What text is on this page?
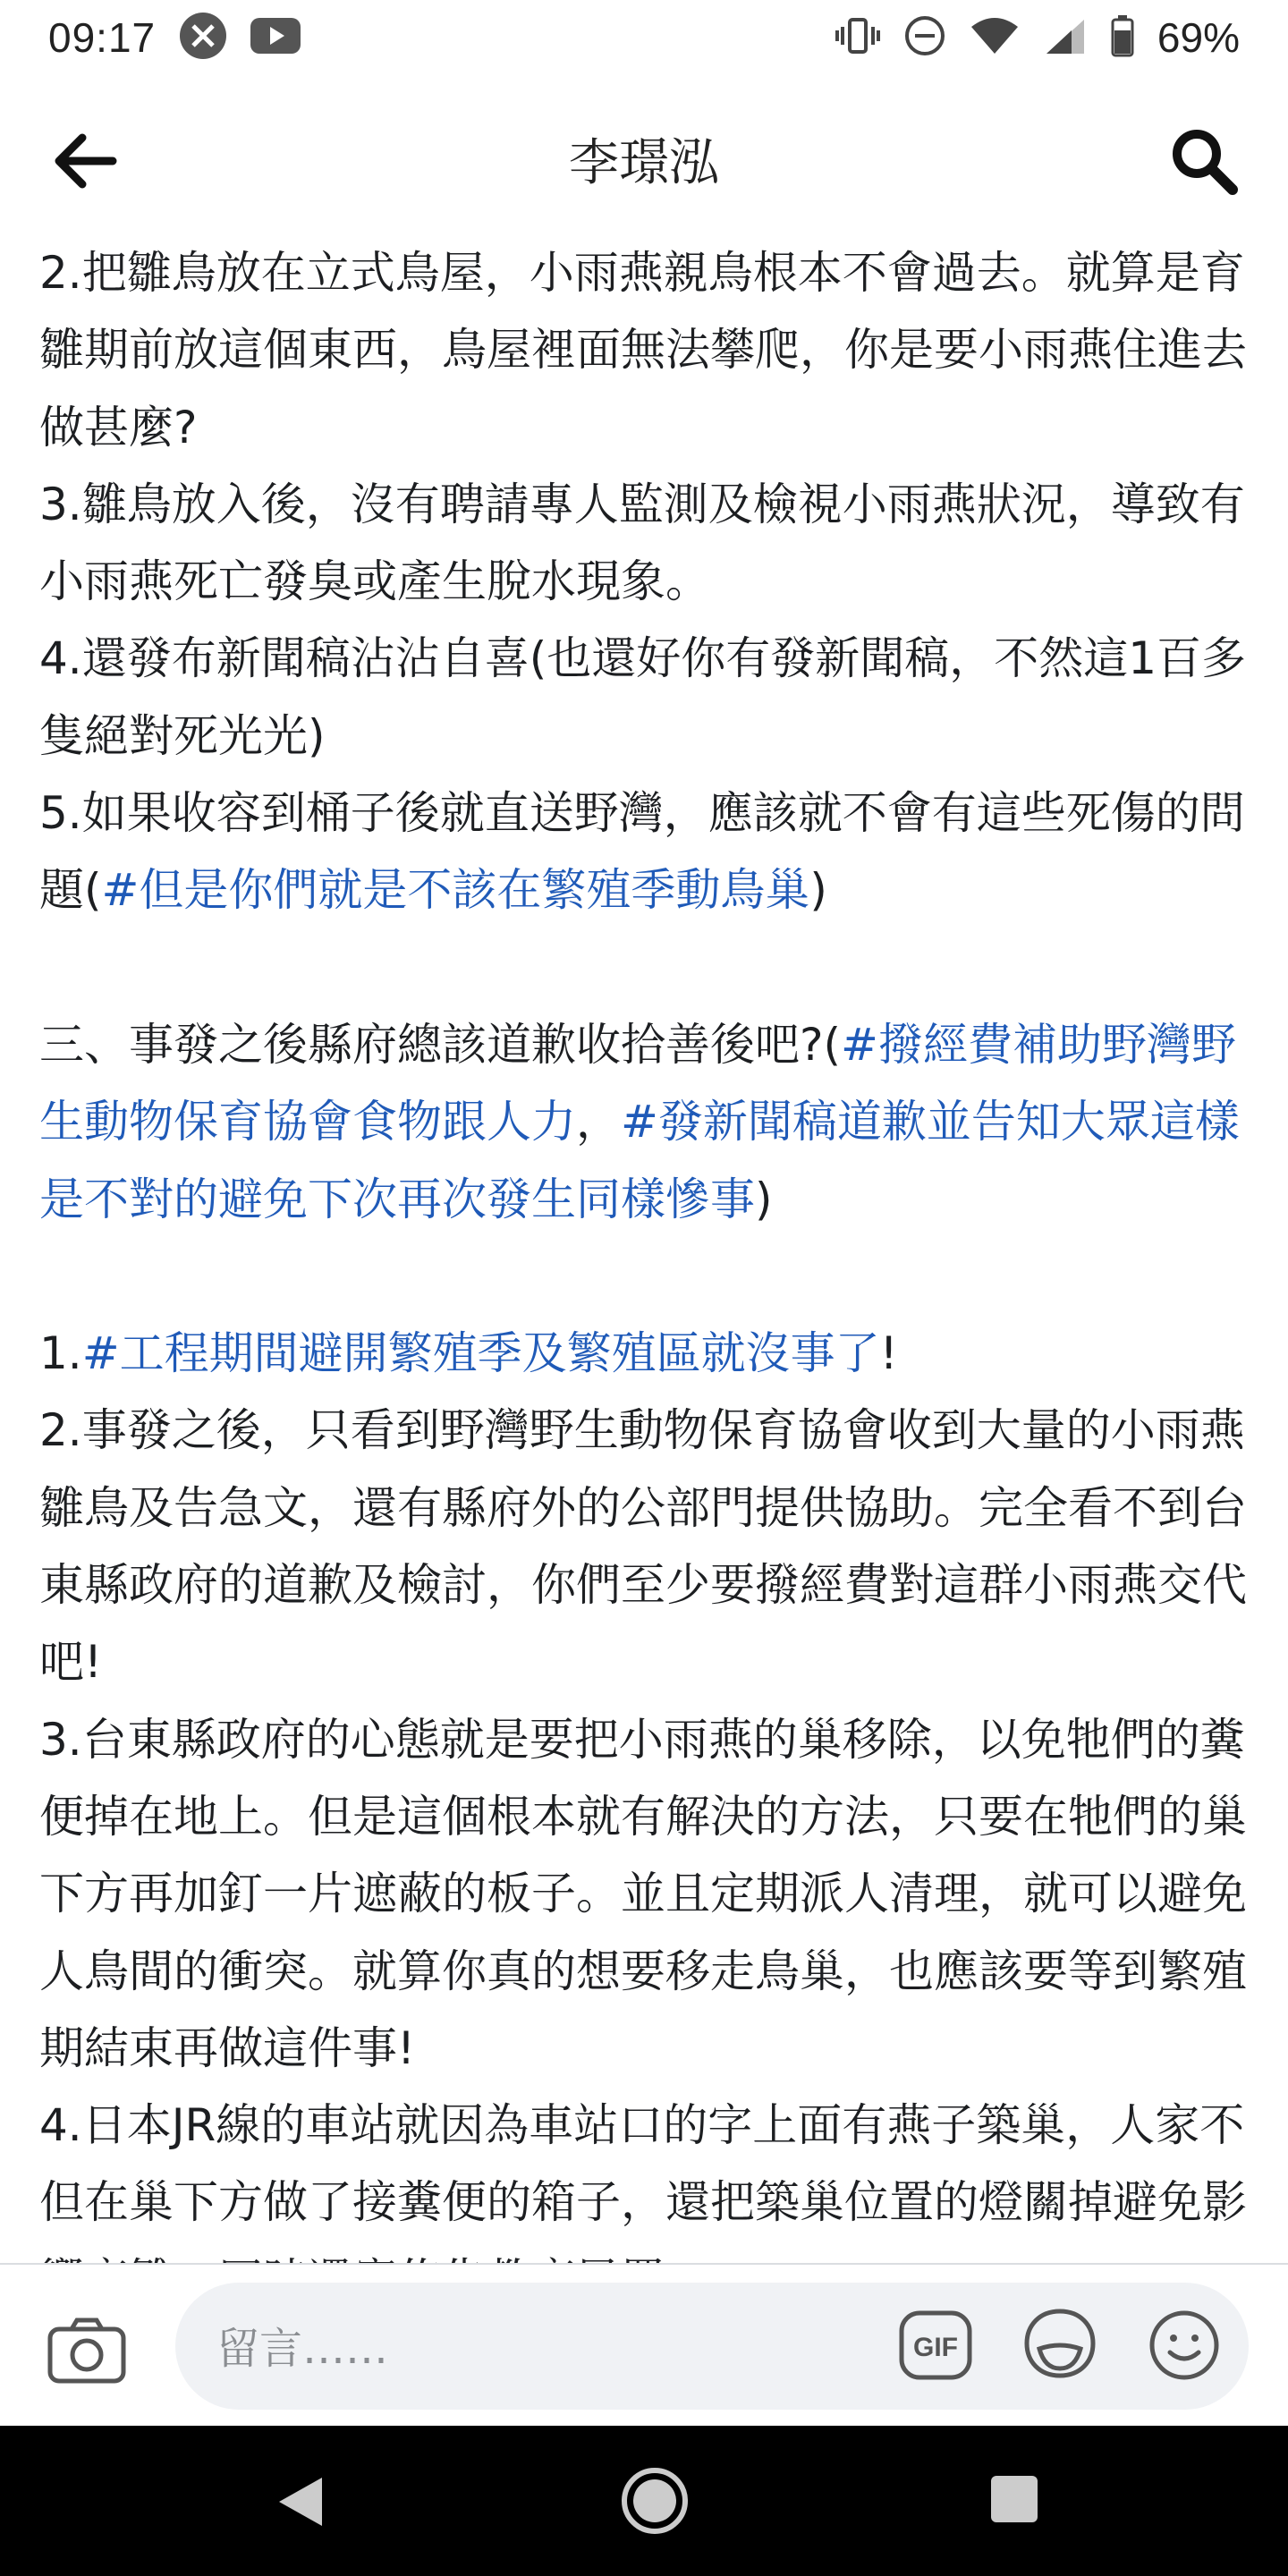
09:17	69%
李璟泓
2.把雛鳥放在立式鳥屋，小雨燕親鳥根本不會過去。就算是育雛期前放這個東西，鳥屋裡面無法攀爬，你是要小雨燕住進去做甚麼?
3.雛鳥放入後，沒有聘請專人監測及檢視小雨燕狀況，導致有小雨燕死亡發臭或產生脫水現象。
4.還發布新聞稿沾沾自喜(也還好你有發新聞稿，不然這1百多隻絕對死光光)
5.如果收容到桶子後就直送野灣，應該就不會有這些死傷的問題(#但是你們就是不該在繁殖季動鳥巢)

三、事發之後縣府總該道歉收拾善後吧?(#撥經費補助野灣野生動物保育協會食物跟人力，#發新聞稿道歉並告知大眾這樣是不對的避免下次再次發生同樣慘事)

1.#工程期間避開繁殖季及繁殖區就沒事了!
2.事發之後，只看到野灣野生動物保育協會收到大量的小雨燕雛鳥及告急文，還有縣府外的公部門提供協助。完全看不到台東縣政府的道歉及檢討，你們至少要撥經費對這群小雨燕交代吧!
3.台東縣政府的心態就是要把小雨燕的巢移除，以免牠們的糞便掉在地上。但是這個根本就有解決的方法，只要在牠們的巢下方再加釘一片遮蔽的板子。並且定期派人清理，就可以避免人鳥間的衝突。就算你真的想要移走鳥巢，也應該要等到繁殖期結束再做這件事!
4.日本JR線的車站就因為車站口的字上面有燕子築巢，人家不但在巢下方做了接糞便的箱子，還把築巢位置的燈關掉避免影
留言……
GIF
